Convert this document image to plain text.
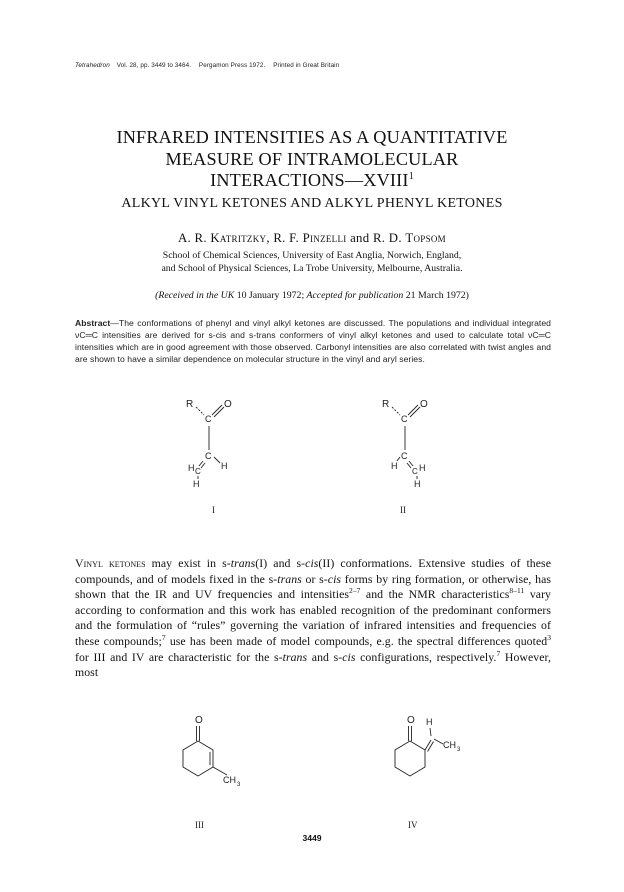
Tetrahedron Vol. 28, pp. 3449 to 3464. Pergamon Press 1972. Printed in Great Britain
INFRARED INTENSITIES AS A QUANTITATIVE
MEASURE OF INTRAMOLECULAR
INTERACTIONS—XVIII$^1$
ALKYL VINYL KETONES AND ALKYL PHENYL KETONES
A. R. Katritzky, R. F. Pinzelli and R. D. Topsom
School of Chemical Sciences, University of East Anglia, Norwich, England,
and School of Physical Sciences, La Trobe University, Melbourne, Australia.
(Received in the UK 10 January 1972; Accepted for publication 21 March 1972)
Abstract—The conformations of phenyl and vinyl alkyl ketones are discussed. The populations and individual integrated νC═C intensities are derived for s-cis and s-trans conformers of vinyl alkyl ketones and used to calculate total νC═C intensities which are in good agreement with those observed. Carbonyl intensities are also correlated with twist angles and are shown to have a similar dependence on molecular structure in the vinyl and aryl series.
R	O
C
C
H
H C
H
I
R	O
C
C
H
H
C
H
II
Vinyl ketones may exist in s-trans(I) and s-cis(II) conformations. Extensive studies of these compounds, and of models fixed in the s-trans or s-cis forms by ring formation, or otherwise, has shown that the IR and UV frequencies and intensities$^{2-7}$ and the NMR characteristics$^{8-11}$ vary according to conformation and this work has enabled recognition of the predominant conformers and the formulation of “rules” governing the variation of infrared intensities and frequencies of these compounds;$^7$ use has been made of model compounds, e.g. the spectral differences quoted$^3$ for III and IV are characteristic for the s-trans and s-cis configurations, respectively.$^7$ However, most
O
CH 3
III
O H
CH 3
IV
3449
